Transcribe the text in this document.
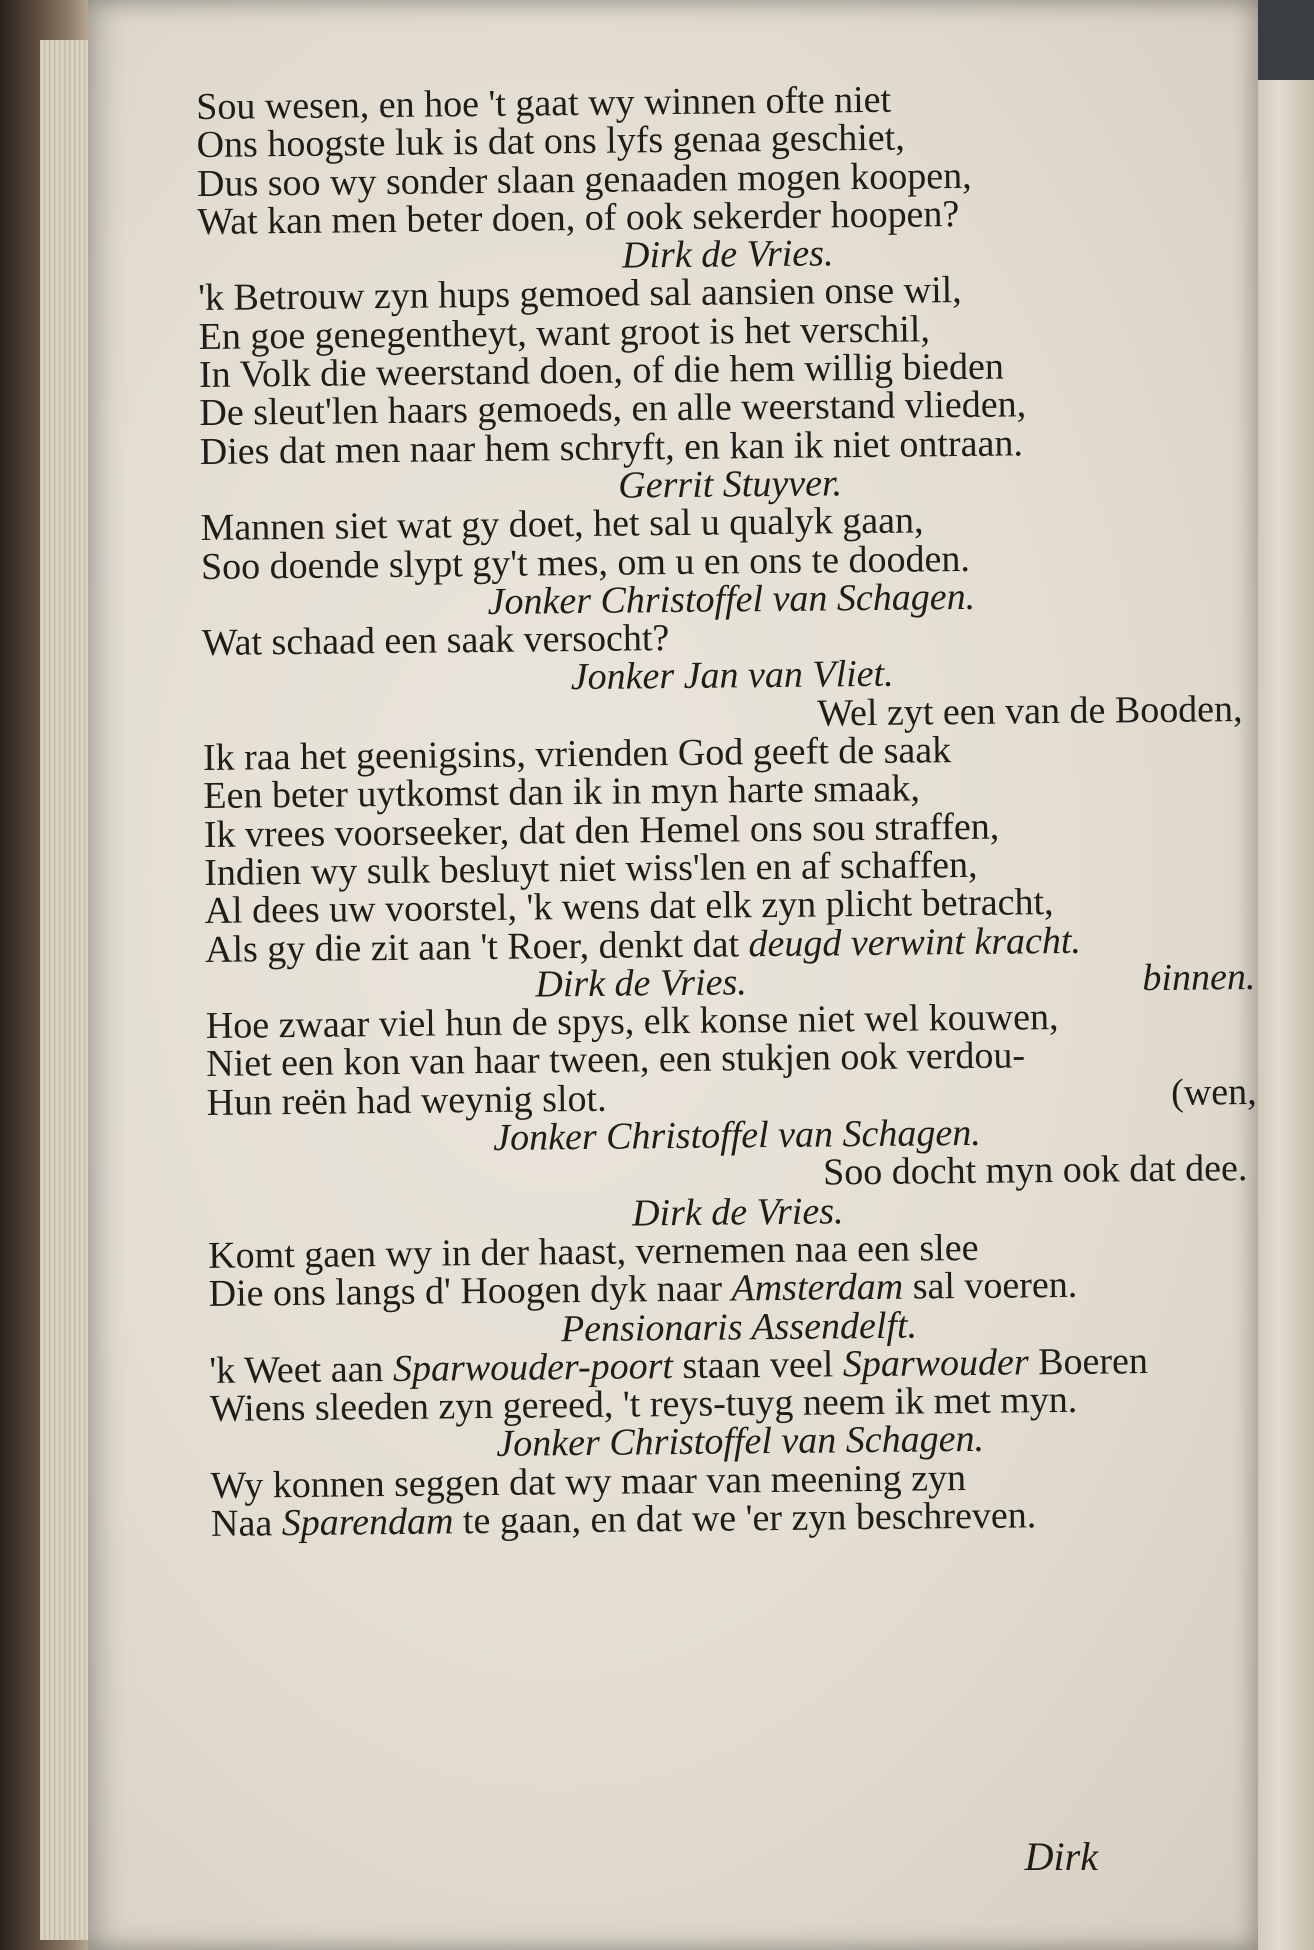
Sou wesen, en hoe 't gaat wy winnen ofte niet
Ons hoogste luk is dat ons lyfs genaa geschiet,
Dus soo wy sonder slaan genaaden mogen koopen,
Wat kan men beter doen, of ook sekerder hoopen?
Dirk de Vries.
'k Betrouw zyn hups gemoed sal aansien onse wil,
En goe genegentheyt, want groot is het verschil,
In Volk die weerstand doen, of die hem willig bieden
De sleut'len haars gemoeds, en alle weerstand vlieden,
Dies dat men naar hem schryft, en kan ik niet ontraan.
Gerrit Stuyver.
Mannen siet wat gy doet, het sal u qualyk gaan,
Soo doende slypt gy't mes, om u en ons te dooden.
Jonker Christoffel van Schagen.
Wat schaad een saak versocht?
Jonker Jan van Vliet.
Wel zyt een van de Booden,
Ik raa het geenigsins, vrienden God geeft de saak
Een beter uytkomst dan ik in myn harte smaak,
Ik vrees voorseeker, dat den Hemel ons sou straffen,
Indien wy sulk besluyt niet wiss'len en af schaffen,
Al dees uw voorstel, 'k wens dat elk zyn plicht betracht,
Als gy die zit aan 't Roer, denkt dat deugd verwint kracht.
Dirk de Vries.	binnen.
Hoe zwaar viel hun de spys, elk konse niet wel kouwen,
Niet een kon van haar tween, een stukjen ook verdou-
Hun reën had weynig slot.	(wen,
Jonker Christoffel van Schagen.
Soo docht myn ook dat dee.
Dirk de Vries.
Komt gaen wy in der haast, vernemen naa een slee
Die ons langs d' Hoogen dyk naar Amsterdam sal voeren.
Pensionaris Assendelft.
'k Weet aan Sparwouder-poort staan veel Sparwouder Boeren
Wiens sleeden zyn gereed, 't reys-tuyg neem ik met myn.
Jonker Christoffel van Schagen.
Wy konnen seggen dat wy maar van meening zyn
Naa Sparendam te gaan, en dat we 'er zyn beschreven.
Dirk
